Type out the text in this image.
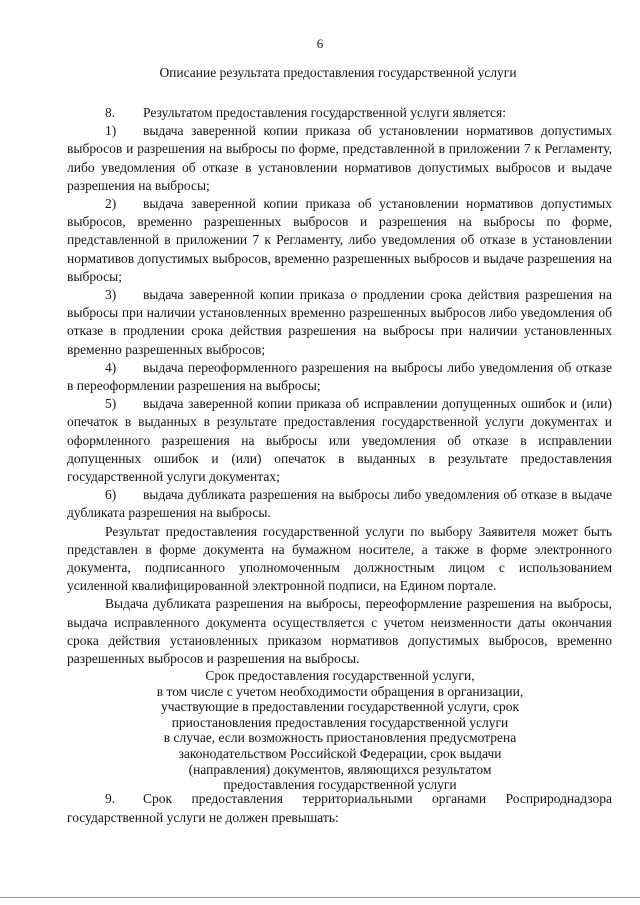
6
Описание результата предоставления государственной услуги

8. Результатом предоставления государственной услуги является:

1) выдача заверенной копии приказа об установлении нормативов допустимых выбросов и разрешения на выбросы по форме, представленной в приложении 7 к Регламенту, либо уведомления об отказе в установлении нормативов допустимых выбросов и выдаче разрешения на выбросы;

2) выдача заверенной копии приказа об установлении нормативов допустимых выбросов, временно разрешенных выбросов и разрешения на выбросы по форме, представленной в приложении 7 к Регламенту, либо уведомления об отказе в установлении нормативов допустимых выбросов, временно разрешенных выбросов и выдаче разрешения на выбросы;

3) выдача заверенной копии приказа о продлении срока действия разрешения на выбросы при наличии установленных временно разрешенных выбросов либо уведомления об отказе в продлении срока действия разрешения на выбросы при наличии установленных временно разрешенных выбросов;

4) выдача переоформленного разрешения на выбросы либо уведомления об отказе в переоформлении разрешения на выбросы;

5) выдача заверенной копии приказа об исправлении допущенных ошибок и (или) опечаток в выданных в результате предоставления государственной услуги документах и оформленного разрешения на выбросы или уведомления об отказе в исправлении допущенных ошибок и (или) опечаток в выданных в результате предоставления государственной услуги документах;

6) выдача дубликата разрешения на выбросы либо уведомления об отказе в выдаче дубликата разрешения на выбросы.

Результат предоставления государственной услуги по выбору Заявителя может быть представлен в форме документа на бумажном носителе, а также в форме электронного документа, подписанного уполномоченным должностным лицом с использованием усиленной квалифицированной электронной подписи, на Едином портале.

Выдача дубликата разрешения на выбросы, переоформление разрешения на выбросы, выдача исправленного документа осуществляется с учетом неизменности даты окончания срока действия установленных приказом нормативов допустимых выбросов, временно разрешенных выбросов и разрешения на выбросы.

Срок предоставления государственной услуги,
в том числе с учетом необходимости обращения в организации,
участвующие в предоставлении государственной услуги, срок
приостановления предоставления государственной услуги
в случае, если возможность приостановления предусмотрена
законодательством Российской Федерации, срок выдачи
(направления) документов, являющихся результатом
предоставления государственной услуги

9. Срок предоставления территориальными органами Росприроднадзора государственной услуги не должен превышать:
